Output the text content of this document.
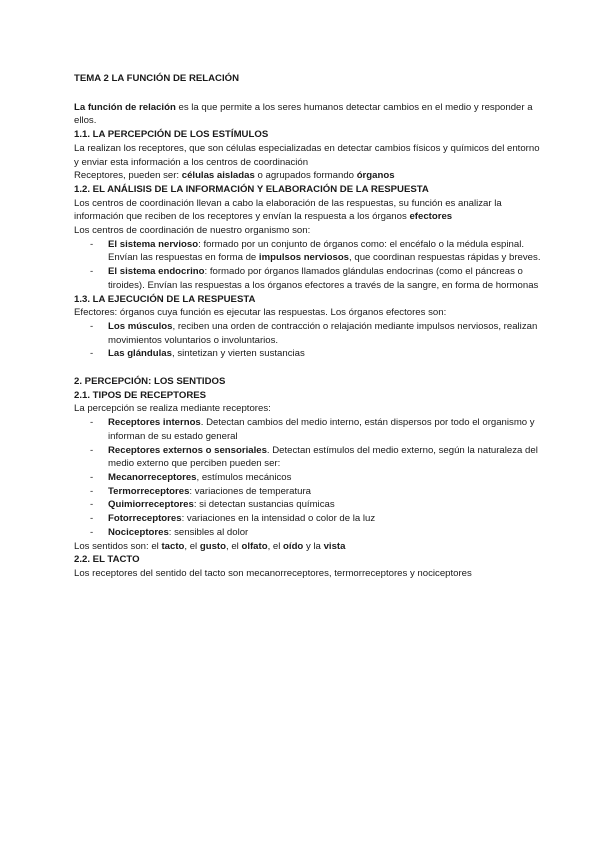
TEMA 2 LA FUNCIÓN DE RELACIÓN

La función de relación es la que permite a los seres humanos detectar cambios en el medio y responder a ellos.

1.1. LA PERCEPCIÓN DE LOS ESTÍMULOS

La realizan los receptores, que son células especializadas en detectar cambios físicos y químicos del entorno y enviar esta información a los centros de coordinación

Receptores, pueden ser: células aisladas o agrupados formando órganos

1.2. EL ANÁLISIS DE LA INFORMACIÓN Y ELABORACIÓN DE LA RESPUESTA

Los centros de coordinación llevan a cabo la elaboración de las respuestas, su función es analizar la información que reciben de los receptores y envían la respuesta a los órganos efectores

Los centros de coordinación de nuestro organismo son:

- El sistema nervioso: formado por un conjunto de órganos como: el encéfalo o la médula espinal. Envían las respuestas en forma de impulsos nerviosos, que coordinan respuestas rápidas y breves.
- El sistema endocrino: formado por órganos llamados glándulas endocrinas (como el páncreas o tiroides). Envían las respuestas a los órganos efectores a través de la sangre, en forma de hormonas

1.3. LA EJECUCIÓN DE LA RESPUESTA

Efectores: órganos cuya función es ejecutar las respuestas. Los órganos efectores son:

- Los músculos, reciben una orden de contracción o relajación mediante impulsos nerviosos, realizan movimientos voluntarios o involuntarios.
- Las glándulas, sintetizan y vierten sustancias

2. PERCEPCIÓN: LOS SENTIDOS

2.1. TIPOS DE RECEPTORES

La percepción se realiza mediante receptores:

- Receptores internos. Detectan cambios del medio interno, están dispersos por todo el organismo y informan de su estado general
- Receptores externos o sensoriales. Detectan estímulos del medio externo, según la naturaleza del medio externo que perciben pueden ser:
- Mecanorreceptores, estímulos mecánicos
- Termorreceptores: variaciones de temperatura
- Quimiorreceptores: si detectan sustancias químicas
- Fotorreceptores: variaciones en la intensidad o color de la luz
- Nociceptores: sensibles al dolor

Los sentidos son: el tacto, el gusto, el olfato, el oído y la vista

2.2. EL TACTO

Los receptores del sentido del tacto son mecanorreceptores, termorreceptores y nociceptores
